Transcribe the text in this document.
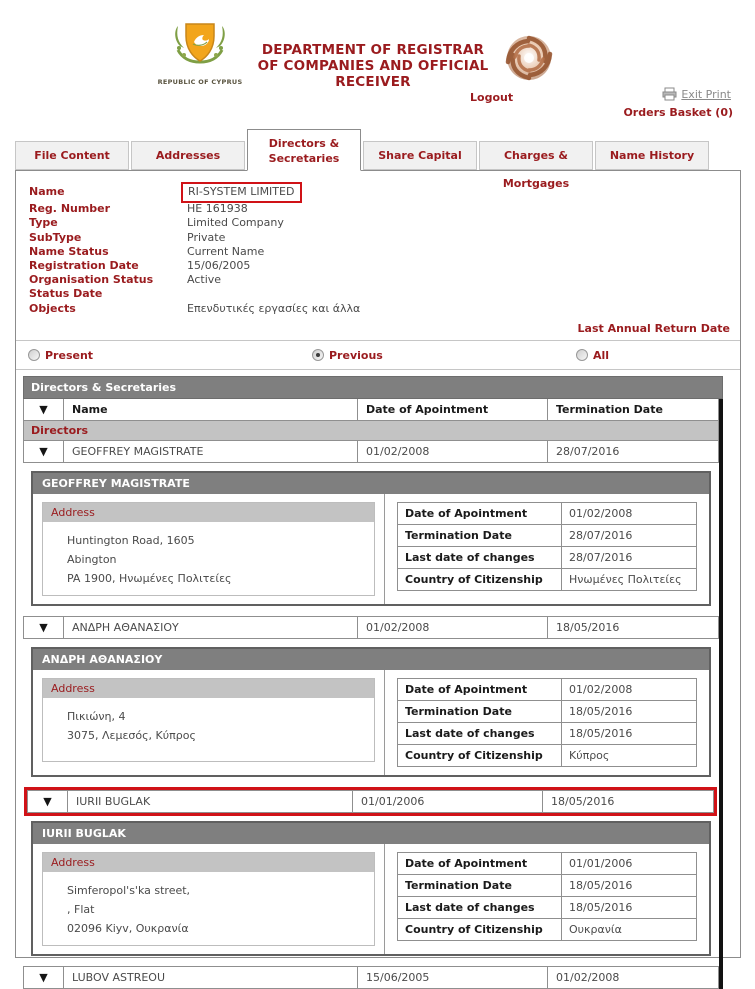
REPUBLIC OF CYPRUS
DEPARTMENT OF REGISTRAR
OF COMPANIES AND OFFICIAL RECEIVER
Logout	Exit Print
Orders Basket (0)
File Content	Addresses
Directors & Secretaries	Share Capital	Charges & Mortgages
Name History
Name	RI-SYSTEM LIMITED
Reg. Number	HE 161938
Type	Limited Company
SubType	Private
Name Status	Current Name
Registration Date	15/06/2005
Organisation Status	Active
Status Date
Objects	Επενδυτικές εργασίες και άλλα
Last Annual Return Date
Present	Previous	All
Directors & Secretaries
▼	Name	Date of Apointment	Termination Date
Directors
▼	GEOFFREY MAGISTRATE	01/02/2008	28/07/2016
GEOFFREY MAGISTRATE
Address
Huntington Road, 1605
Abington
PA 1900, Ηνωμένες Πολιτείες
Date of Apointment	01/02/2008
Termination Date	28/07/2016
Last date of changes	28/07/2016
Country of Citizenship	Ηνωμένες Πολιτείες
▼	ΑΝΔΡΗ ΑΘΑΝΑΣΙΟΥ	01/02/2008	18/05/2016
ΑΝΔΡΗ ΑΘΑΝΑΣΙΟΥ
Address
Πικιώνη, 4
3075, Λεμεσός, Κύπρος
Date of Apointment	01/02/2008
Termination Date	18/05/2016
Last date of changes	18/05/2016
Country of Citizenship	Κύπρος
▼	IURII BUGLAK	01/01/2006	18/05/2016
IURII BUGLAK
Address
Simferopol's'ka street,
, Flat
02096 Kiyv, Ουκρανία
Date of Apointment	01/01/2006
Termination Date	18/05/2016
Last date of changes	18/05/2016
Country of Citizenship	Ουκρανία
▼	LUBOV ASTREOU	15/06/2005	01/02/2008
